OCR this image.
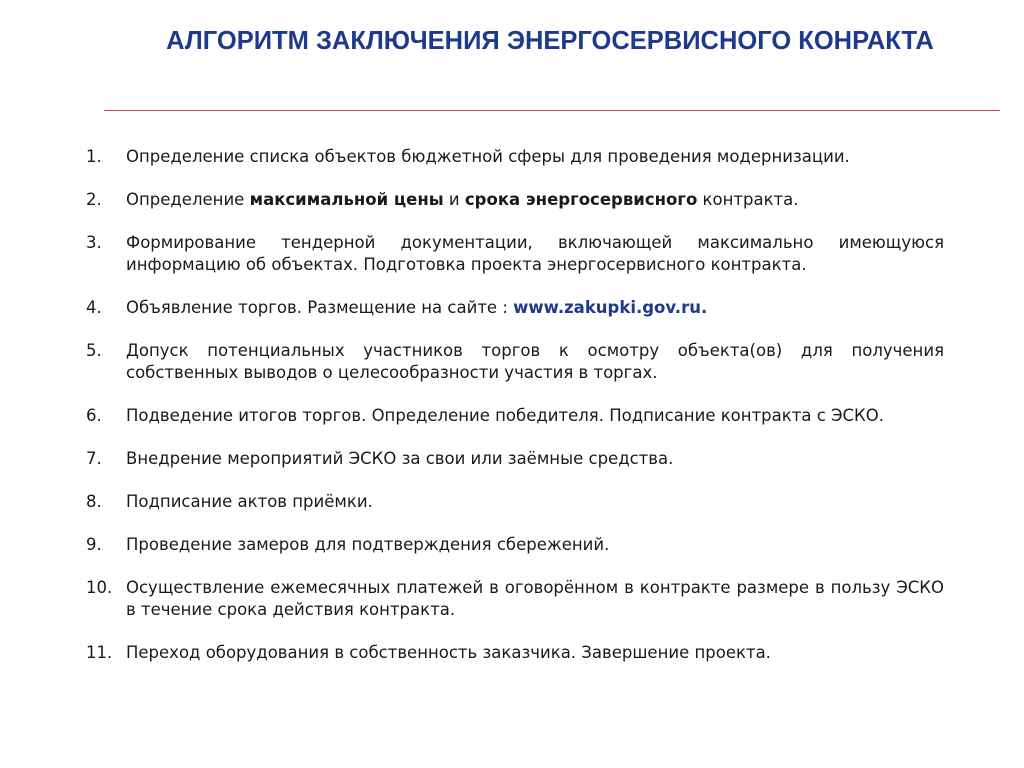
АЛГОРИТМ ЗАКЛЮЧЕНИЯ ЭНЕРГОСЕРВИСНОГО КОНРАКТА
1. Определение списка объектов бюджетной сферы для проведения модернизации.
2. Определение максимальной цены и срока энергосервисного контракта.
3. Формирование тендерной документации, включающей максимально имеющуюся информацию об объектах. Подготовка проекта энергосервисного контракта.
4. Объявление торгов. Размещение на сайте : www.zakupki.gov.ru.
5. Допуск потенциальных участников торгов к осмотру объекта(ов) для получения собственных выводов о целесообразности участия в торгах.
6. Подведение итогов торгов. Определение победителя. Подписание контракта с ЭСКО.
7. Внедрение мероприятий ЭСКО за свои или заёмные средства.
8. Подписание актов приёмки.
9. Проведение замеров для подтверждения сбережений.
10. Осуществление ежемесячных платежей в оговорённом в контракте размере в пользу ЭСКО в течение срока действия контракта.
11. Переход оборудования в собственность заказчика. Завершение проекта.
